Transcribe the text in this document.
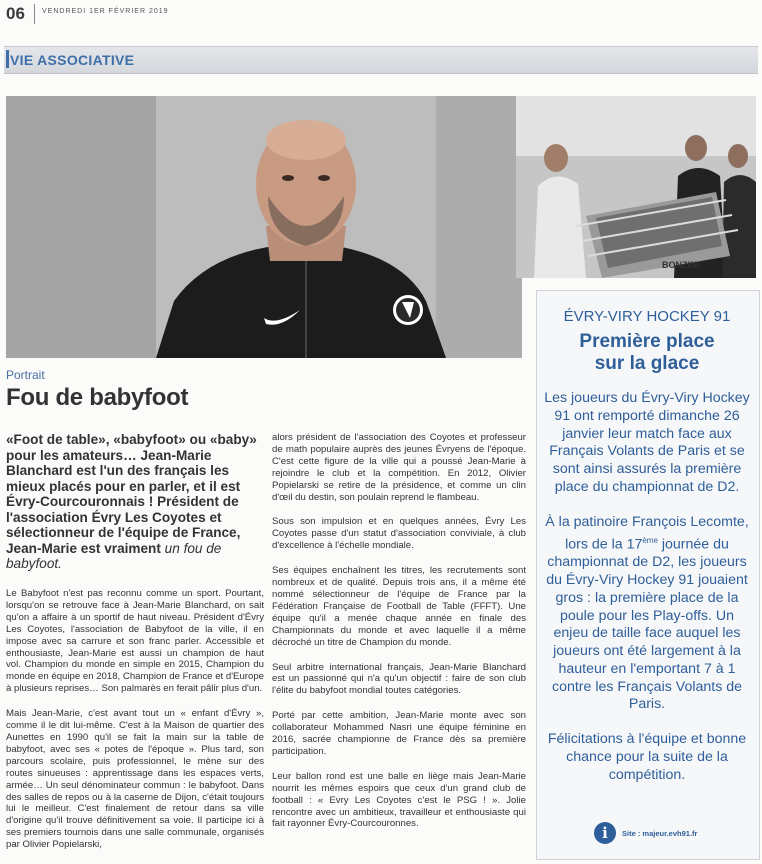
06 VENDREDI 1ER FÉVRIER 2019
VIE ASSOCIATIVE
BONZINI
Portrait
Fou de babyfoot
«Foot de table», «babyfoot» ou «baby» pour les amateurs… Jean-Marie Blanchard est l'un des français les mieux placés pour en parler, et il est Évry-Courcouronnais ! Président de l'association Évry Les Coyotes et sélectionneur de l'équipe de France, Jean-Marie est vraiment un fou de babyfoot.

Le Babyfoot n'est pas reconnu comme un sport. Pourtant, lorsqu'on se retrouve face à Jean-Marie Blanchard, on sait qu'on a affaire à un sportif de haut niveau. Président d'Évry Les Coyotes, l'association de Babyfoot de la ville, il en impose avec sa carrure et son franc parler. Accessible et enthousiaste, Jean-Marie est aussi un champion de haut vol. Champion du monde en simple en 2015, Champion du monde en équipe en 2018, Champion de France et d'Europe à plusieurs reprises… Son palmarès en ferait pâlir plus d'un.

Mais Jean-Marie, c'est avant tout un « enfant d'Évry », comme il le dit lui-même. C'est à la Maison de quartier des Aunettes en 1990 qu'il se fait la main sur la table de babyfoot, avec ses « potes de l'époque ». Plus tard, son parcours scolaire, puis professionnel, le mène sur des routes sinueuses : apprentissage dans les espaces verts, armée… Un seul dénominateur commun : le babyfoot. Dans des salles de repos ou à la caserne de Dijon, c'était toujours lui le meilleur. C'est finalement de retour dans sa ville d'origine qu'il trouve définitivement sa voie. Il participe ici à ses premiers tournois dans une salle communale, organisés par Olivier Popielarski,

alors président de l'association des Coyotes et professeur de math populaire auprès des jeunes Évryens de l'époque. C'est cette figure de la ville qui a poussé Jean-Marie à rejoindre le club et la compétition. En 2012, Olivier Popielarski se retire de la présidence, et comme un clin d'œil du destin, son poulain reprend le flambeau.

Sous son impulsion et en quelques années, Évry Les Coyotes passe d'un statut d'association conviviale, à club d'excellence à l'échelle mondiale.

Ses équipes enchaînent les titres, les recrutements sont nombreux et de qualité. Depuis trois ans, il a même été nommé sélectionneur de l'équipe de France par la Fédération Française de Football de Table (FFFT). Une équipe qu'il a menée chaque année en finale des Championnats du monde et avec laquelle il a même décroché un titre de Champion du monde.

Seul arbitre international français, Jean-Marie Blanchard est un passionné qui n'a qu'un objectif : faire de son club l'élite du babyfoot mondial toutes catégories.

Porté par cette ambition, Jean-Marie monte avec son collaborateur Mohammed Nasri une équipe féminine en 2016, sacrée championne de France dès sa première participation.

Leur ballon rond est une balle en liège mais Jean-Marie nourrit les mêmes espoirs que ceux d'un grand club de football : « Evry Les Coyotes c'est le PSG ! ». Jolie rencontre avec un ambitieux, travailleur et enthousiaste qui fait rayonner Évry-Courcouronnes.

ÉVRY-VIRY HOCKEY 91
Première place
sur la glace

Les joueurs du Évry-Viry Hockey 91 ont remporté dimanche 26 janvier leur match face aux Français Volants de Paris et se sont ainsi assurés la première place du championnat de D2.

À la patinoire François Lecomte, lors de la 17ème journée du championnat de D2, les joueurs du Évry-Viry Hockey 91 jouaient gros : la première place de la poule pour les Play-offs. Un enjeu de taille face auquel les joueurs ont été largement à la hauteur en l'emportant 7 à 1 contre les Français Volants de Paris.

Félicitations à l'équipe et bonne chance pour la suite de la compétition.

i	Site : majeur.evh91.fr
